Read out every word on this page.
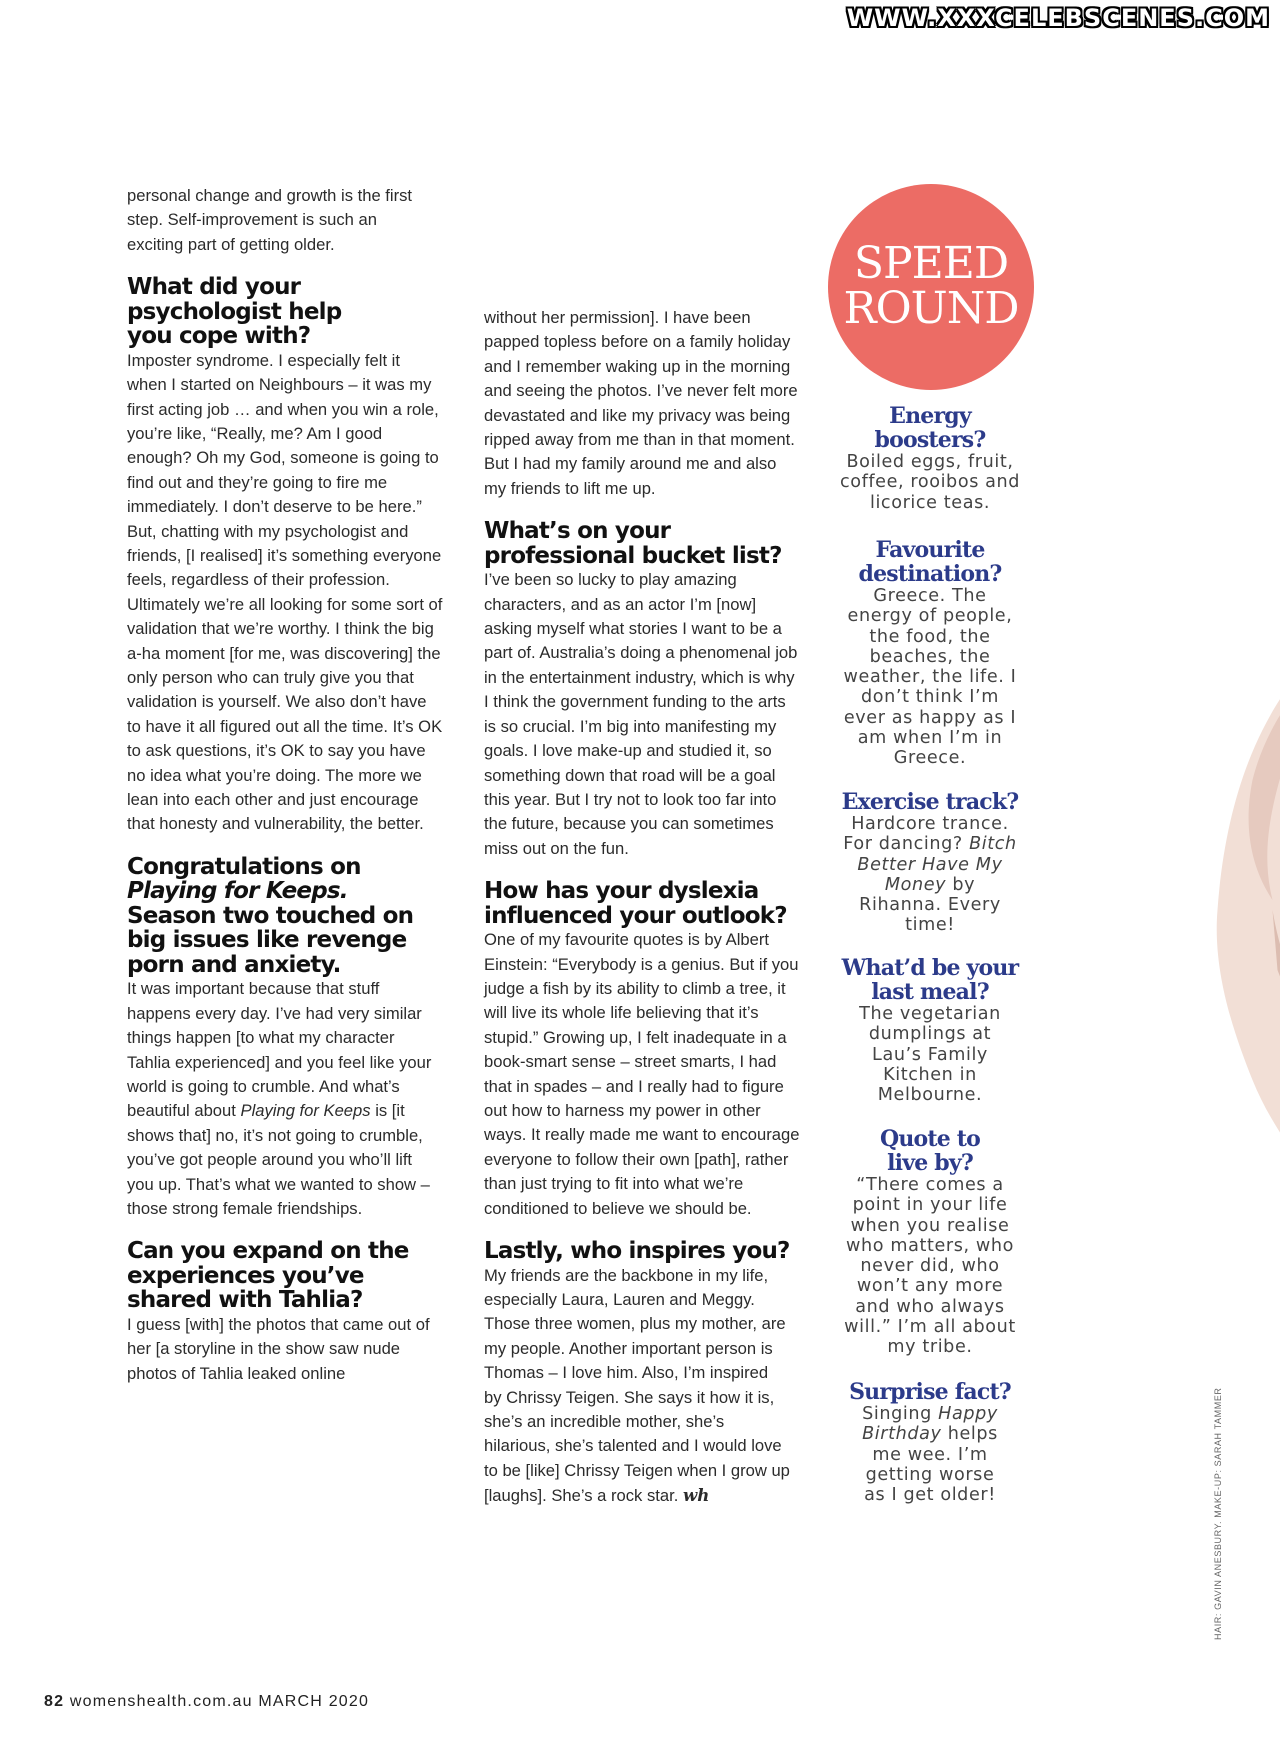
WWW.XXXCELEBSCENES.COM

personal change and growth is the first step. Self-improvement is such an exciting part of getting older.

What did your psychologist help you cope with?

Imposter syndrome. I especially felt it when I started on Neighbours – it was my first acting job … and when you win a role, you’re like, “Really, me? Am I good enough? Oh my God, someone is going to find out and they’re going to fire me immediately. I don’t deserve to be here.” But, chatting with my psychologist and friends, [I realised] it’s something everyone feels, regardless of their profession. Ultimately we’re all looking for some sort of validation that we’re worthy. I think the big a-ha moment [for me, was discovering] the only person who can truly give you that validation is yourself. We also don’t have to have it all figured out all the time. It’s OK to ask questions, it’s OK to say you have no idea what you’re doing. The more we lean into each other and just encourage that honesty and vulnerability, the better.

Congratulations on Playing for Keeps. Season two touched on big issues like revenge porn and anxiety.

It was important because that stuff happens every day. I’ve had very similar things happen [to what my character Tahlia experienced] and you feel like your world is going to crumble. And what’s beautiful about Playing for Keeps is [it shows that] no, it’s not going to crumble, you’ve got people around you who’ll lift you up. That’s what we wanted to show – those strong female friendships.

Can you expand on the experiences you’ve shared with Tahlia?

I guess [with] the photos that came out of her [a storyline in the show saw nude photos of Tahlia leaked online

without her permission]. I have been papped topless before on a family holiday and I remember waking up in the morning and seeing the photos. I’ve never felt more devastated and like my privacy was being ripped away from me than in that moment. But I had my family around me and also my friends to lift me up.

What’s on your professional bucket list?

I’ve been so lucky to play amazing characters, and as an actor I’m [now] asking myself what stories I want to be a part of. Australia’s doing a phenomenal job in the entertainment industry, which is why I think the government funding to the arts is so crucial. I’m big into manifesting my goals. I love make-up and studied it, so something down that road will be a goal this year. But I try not to look too far into the future, because you can sometimes miss out on the fun.

How has your dyslexia influenced your outlook?

One of my favourite quotes is by Albert Einstein: “Everybody is a genius. But if you judge a fish by its ability to climb a tree, it will live its whole life believing that it’s stupid.” Growing up, I felt inadequate in a book-smart sense – street smarts, I had that in spades – and I really had to figure out how to harness my power in other ways. It really made me want to encourage everyone to follow their own [path], rather than just trying to fit into what we’re conditioned to believe we should be.

Lastly, who inspires you?

My friends are the backbone in my life, especially Laura, Lauren and Meggy. Those three women, plus my mother, are my people. Another important person is Thomas – I love him. Also, I’m inspired by Chrissy Teigen. She says it how it is, she’s an incredible mother, she’s hilarious, she’s talented and I would love to be [like] Chrissy Teigen when I grow up [laughs]. She’s a rock star. wh

SPEED
ROUND
Energy boosters?
Boiled eggs, fruit, coffee, rooibos and licorice teas.
Favourite destination?
Greece. The energy of people, the food, the beaches, the weather, the life. I don’t think I’m ever as happy as I am when I’m in Greece.
Exercise track?
Hardcore trance. For dancing? Bitch Better Have My Money by Rihanna. Every time!
What’d be your last meal?
The vegetarian dumplings at Lau’s Family Kitchen in Melbourne.
Quote to live by?
“There comes a point in your life when you realise who matters, who never did, who won’t any more and who always will.” I’m all about my tribe.
Surprise fact?
Singing Happy Birthday helps me wee. I’m getting worse as I get older!	HAIR: GAVIN ANESBURY. MAKE-UP: SARAH TAMMER
82 womenshealth.com.au MARCH 2020
